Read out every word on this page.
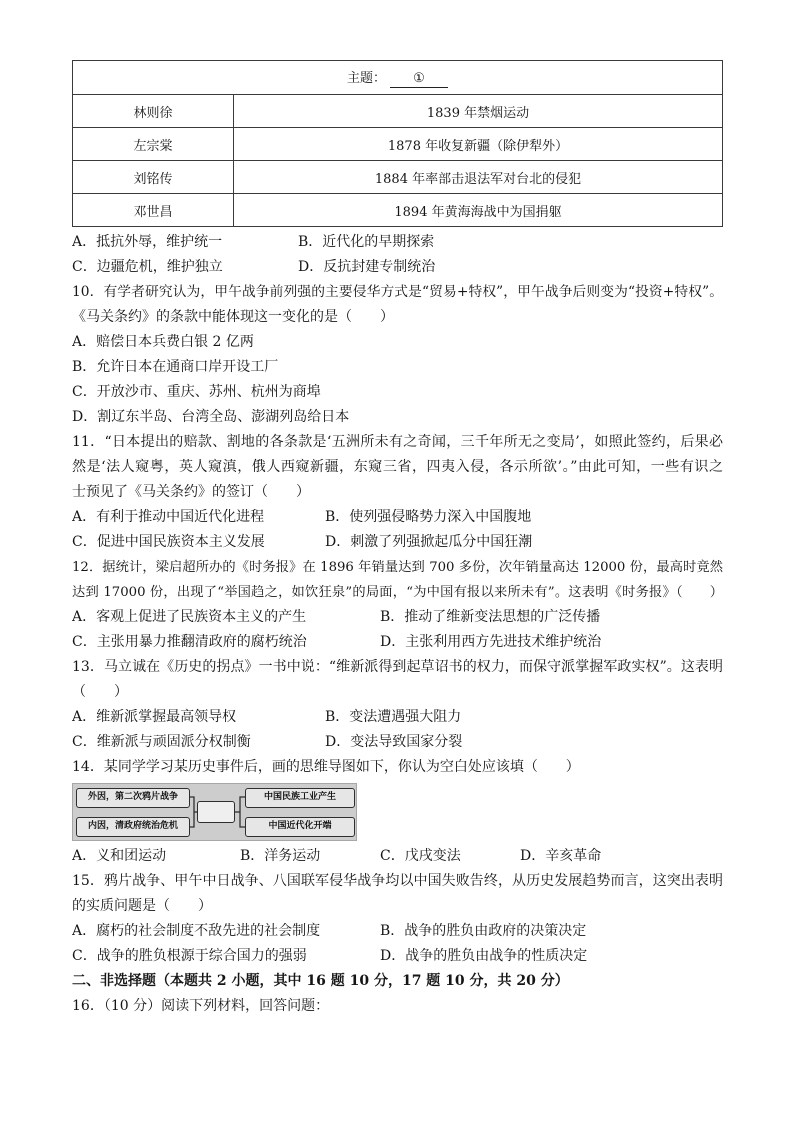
主题： ①	
林则徐	1839 年禁烟运动
左宗棠	1878 年收复新疆（除伊犁外）
刘铭传	1884 年率部击退法军对台北的侵犯
邓世昌	1894 年黄海海战中为国捐躯
A．抵抗外辱，维护统一	B．近代化的早期探索
C．边疆危机，维护独立	D．反抗封建专制统治
10．有学者研究认为，甲午战争前列强的主要侵华方式是“贸易+特权”，甲午战争后则变为“投资+特权”。
《马关条约》的条款中能体现这一变化的是（　　）
A．赔偿日本兵费白银 2 亿两
B．允许日本在通商口岸开设工厂
C．开放沙市、重庆、苏州、杭州为商埠
D．割辽东半岛、台湾全岛、澎湖列岛给日本
11．“日本提出的赔款、割地的各条款是‘五洲所未有之奇闻，三千年所无之变局’，如照此签约，后果必
然是‘法人窥粤，英人窥滇，俄人西窥新疆，东窥三省，四夷入侵，各示所欲’。”由此可知，一些有识之
士预见了《马关条约》的签订（　　）
A．有利于推动中国近代化进程	B．使列强侵略势力深入中国腹地
C．促进中国民族资本主义发展	D．刺激了列强掀起瓜分中国狂潮
12．据统计，梁启超所办的《时务报》在 1896 年销量达到 700 多份，次年销量高达 12000 份，最高时竟然
达到 17000 份，出现了“举国趋之，如饮狂泉”的局面，“为中国有报以来所未有”。这表明《时务报》（　　）
A．客观上促进了民族资本主义的产生	B．推动了维新变法思想的广泛传播
C．主张用暴力推翻清政府的腐朽统治	D．主张利用西方先进技术维护统治
13．马立诚在《历史的拐点》一书中说：“维新派得到起草诏书的权力，而保守派掌握军政实权”。这表明
（　　）
A．维新派掌握最高领导权	B．变法遭遇强大阻力
C．维新派与顽固派分权制衡	D．变法导致国家分裂
14．某同学学习某历史事件后，画的思维导图如下，你认为空白处应该填（　　）
外因，第二次鸦片战争
内因，清政府统治危机
中国民族工业产生
中国近代化开端
A．义和团运动	B．洋务运动	C．戊戌变法	D．辛亥革命
15．鸦片战争、甲午中日战争、八国联军侵华战争均以中国失败告终，从历史发展趋势而言，这突出表明
的实质问题是（　　）
A．腐朽的社会制度不敌先进的社会制度	B．战争的胜负由政府的决策决定
C．战争的胜负根源于综合国力的强弱	D．战争的胜负由战争的性质决定
二、非选择题（本题共 2 小题，其中 16 题 10 分，17 题 10 分，共 20 分）
16．（10 分）阅读下列材料，回答问题：
